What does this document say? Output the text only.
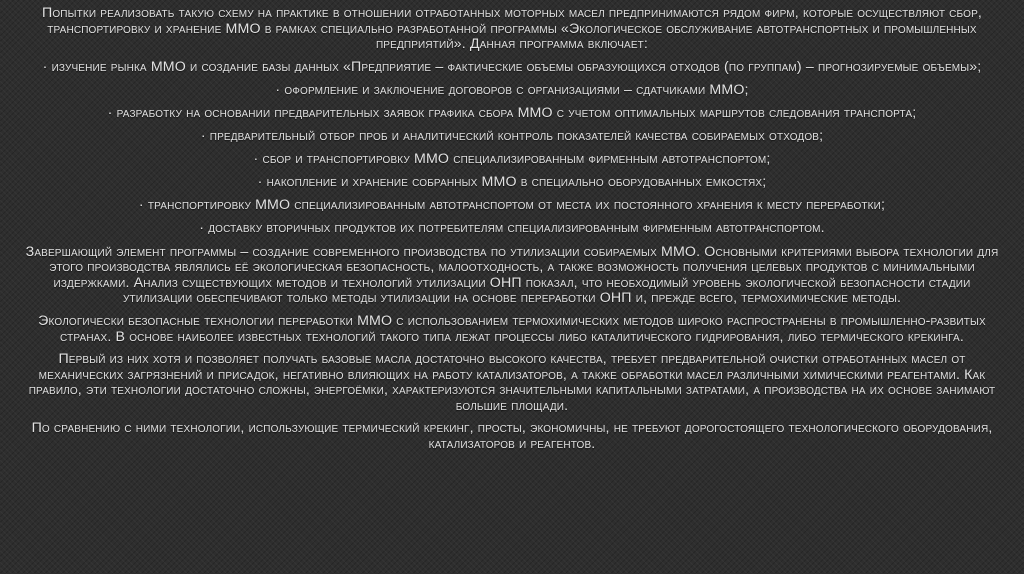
Попытки реализовать такую схему на практике в отношении отработанных моторных масел предпринимаются рядом фирм, которые осуществляют сбор, транспортировку и хранение ММО в рамках специально разработанной программы «Экологическое обслуживание автотранспортных и промышленных предприятий». Данная программа включает:

· изучение рынка ММО и создание базы данных «Предприятие – фактические объемы образующихся отходов (по группам) – прогнозируемые объемы»;

· оформление и заключение договоров с организациями – сдатчиками ММО;

· разработку на основании предварительных заявок графика сбора ММО с учетом оптимальных маршрутов следования транспорта;

· предварительный отбор проб и аналитический контроль показателей качества собираемых отходов;

· сбор и транспортировку ММО специализированным фирменным автотранспортом;

· накопление и хранение собранных ММО в специально оборудованных емкостях;

· транспортировку ММО специализированным автотранспортом от места их постоянного хранения к месту переработки;

· доставку вторичных продуктов их потребителям специализированным фирменным автотранспортом.

Завершающий элемент программы – создание современного производства по утилизации собираемых ММО. Основными критериями выбора технологии для этого производства являлись её экологическая безопасность, малоотходность, а также возможность получения целевых продуктов с минимальными издержками. Анализ существующих методов и технологий утилизации ОНП показал, что необходимый уровень экологической безопасности стадии утилизации обеспечивают только методы утилизации на основе переработки ОНП и, прежде всего, термохимические методы.

Экологически безопасные технологии переработки ММО с использованием термохимических методов широко распространены в промышленно-развитых странах. В основе наиболее известных технологий такого типа лежат процессы либо каталитического гидрирования, либо термического крекинга.

Первый из них хотя и позволяет получать базовые масла достаточно высокого качества, требует предварительной очистки отработанных масел от механических загрязнений и присадок, негативно влияющих на работу катализаторов, а также обработки масел различными химическими реагентами. Как правило, эти технологии достаточно сложны, энергоёмки, характеризуются значительными капитальными затратами, а производства на их основе занимают большие площади.

По сравнению с ними технологии, использующие термический крекинг, просты, экономичны, не требуют дорогостоящего технологического оборудования, катализаторов и реагентов.
